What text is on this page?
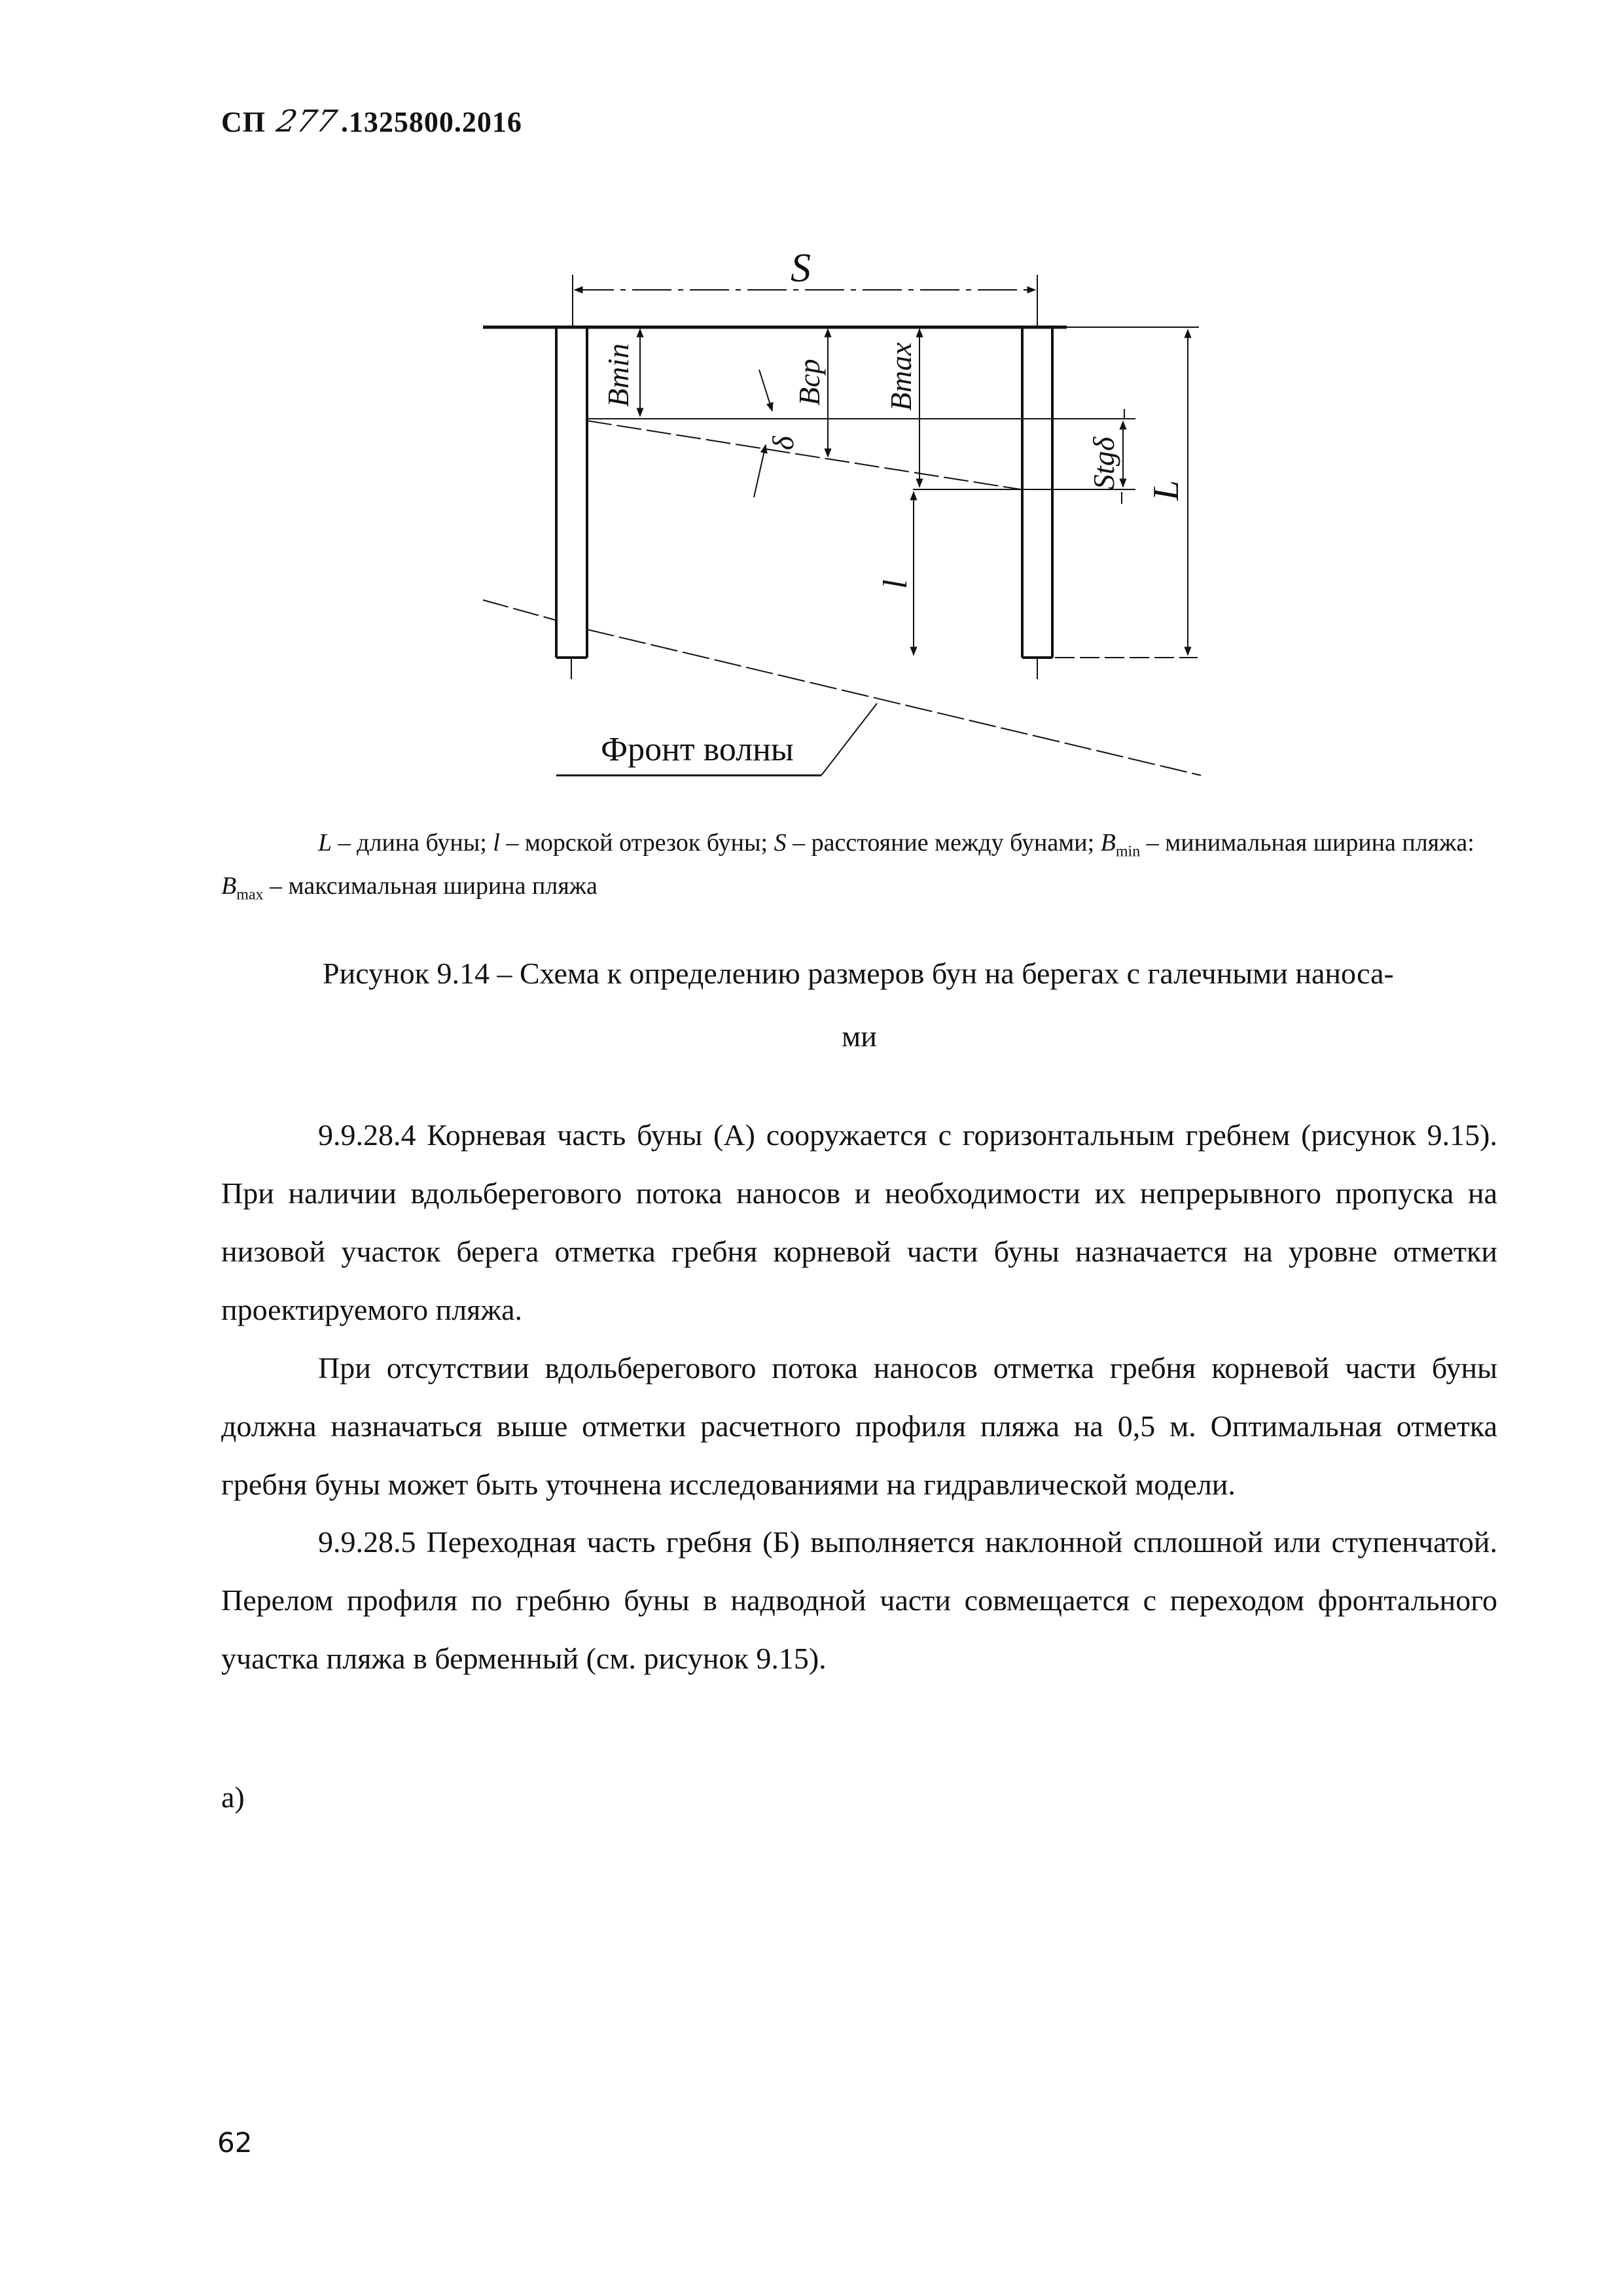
СП 277.1325800.2016
S
Bmin	Bср Bmax
δ	Stgδ
l
L
Фронт волны
L – длина буны; l – морской отрезок буны; S – расстояние между бунами; $B_{min}$ – минимальная ширина пляжа: $B_{max}$ – максимальная ширина пляжа
Рисунок 9.14 – Схема к определению размеров бун на берегах с галечными наноса-
ми

9.9.28.4 Корневая часть буны (А) сооружается с горизонтальным гребнем (рисунок 9.15). При наличии вдольберегового потока наносов и необходимости их непрерывного пропуска на низовой участок берега отметка гребня корневой части буны назначается на уровне отметки проектируемого пляжа.

При отсутствии вдольберегового потока наносов отметка гребня корневой части буны должна назначаться выше отметки расчетного профиля пляжа на 0,5 м. Оптимальная отметка гребня буны может быть уточнена исследованиями на гидравлической модели.

9.9.28.5 Переходная часть гребня (Б) выполняется наклонной сплошной или ступенчатой. Перелом профиля по гребню буны в надводной части совмещается с переходом фронтального участка пляжа в берменный (см. рисунок 9.15).

а)
62
